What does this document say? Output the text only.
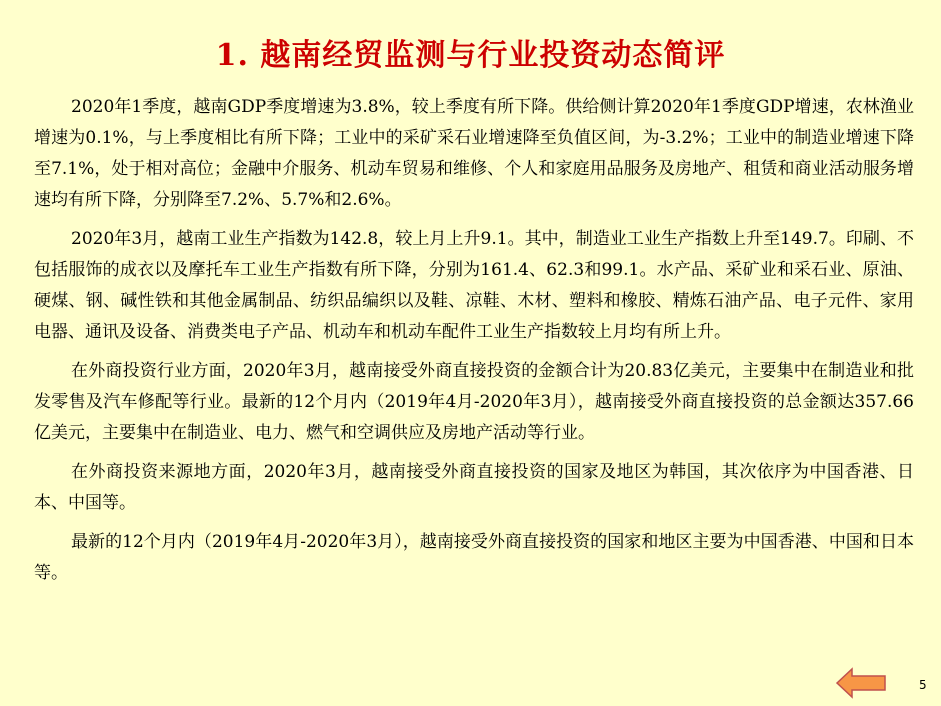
1. 越南经贸监测与行业投资动态简评

2020年1季度，越南GDP季度增速为3.8%，较上季度有所下降。供给侧计算2020年1季度GDP增速，农林渔业增速为0.1%，与上季度相比有所下降；工业中的采矿采石业增速降至负值区间，为-3.2%；工业中的制造业增速下降至7.1%，处于相对高位；金融中介服务、机动车贸易和维修、个人和家庭用品服务及房地产、租赁和商业活动服务增速均有所下降，分别降至7.2%、5.7%和2.6%。

2020年3月，越南工业生产指数为142.8，较上月上升9.1。其中，制造业工业生产指数上升至149.7。印刷、不包括服饰的成衣以及摩托车工业生产指数有所下降，分别为161.4、62.3和99.1。水产品、采矿业和采石业、原油、硬煤、钢、碱性铁和其他金属制品、纺织品编织以及鞋、凉鞋、木材、塑料和橡胶、精炼石油产品、电子元件、家用电器、通讯及设备、消费类电子产品、机动车和机动车配件工业生产指数较上月均有所上升。

在外商投资行业方面，2020年3月，越南接受外商直接投资的金额合计为20.83亿美元，主要集中在制造业和批发零售及汽车修配等行业。最新的12个月内（2019年4月-2020年3月），越南接受外商直接投资的总金额达357.66亿美元，主要集中在制造业、电力、燃气和空调供应及房地产活动等行业。

在外商投资来源地方面，2020年3月，越南接受外商直接投资的国家及地区为韩国，其次依序为中国香港、日本、中国等。

最新的12个月内（2019年4月-2020年3月），越南接受外商直接投资的国家和地区主要为中国香港、中国和日本等。

5
